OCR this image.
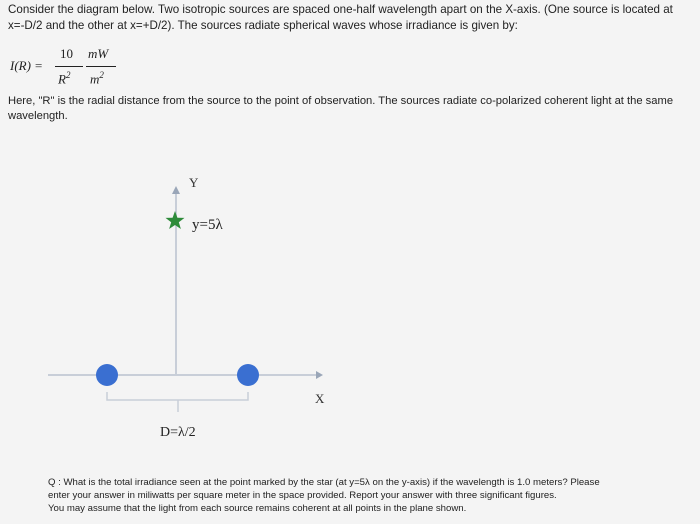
Consider the diagram below. Two isotropic sources are spaced one-half wavelength apart on the X-axis. (One source is located at x=-D/2 and the other at x=+D/2). The sources radiate spherical waves whose irradiance is given by:

I(R) =
10
$R^2$
mW
$m^2$

Here, "R" is the radial distance from the source to the point of observation. The sources radiate co-polarized coherent light at the same wavelength.

Y
X
y=5λ
D=λ/2

Q : What is the total irradiance seen at the point marked by the star (at y=5λ on the y-axis) if the wavelength is 1.0 meters? Please
enter your answer in miliwatts per square meter in the space provided. Report your answer with three significant figures.
You may assume that the light from each source remains coherent at all points in the plane shown.
